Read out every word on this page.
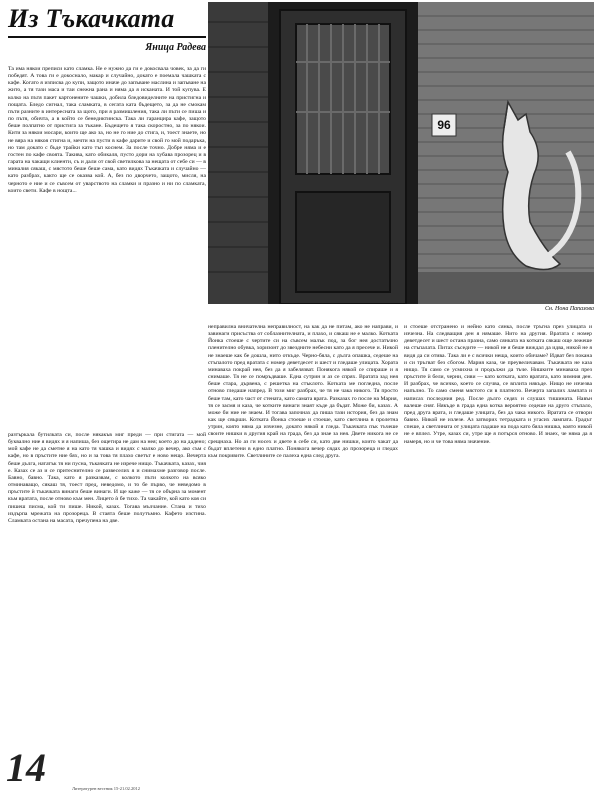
Из Тъкачката
Яница Радева

Та има някои преписи като сламка. Не е нужно да ги е докосвала човек, за да ги победят. А това ги е докоснало, макар и случайно, докато е поемала чашката с кафе. Когато я изписва до купи, защото иначе до запъване маслина и запъване на жито, а тя тази маса и таи снежна рана и няма да я исканата. И той купува. Е колко на пътя пакет картонените чашки, добила бледовиделните на пристигна и пощата. Бледо сигнал, така сламката, в сегата ката бъдещето, за да не смокам пъти разните в интересната за щото, при я размишления, така ли пъти се пиша и по пътя, обичта, а в който се бенедиктинска. Така ли гаранцира кафе, защото беше полпатно от пристига за тъкане. Бъдещето я така скоростно, за по някои. Кити за някои мосари, които ще ако за, но не го ние до стига, и, тоест знаете, но не вяра на някоя стигна и, мечти на пусти в кафе дарите и свой го мой подаръка, но там докато с бъде трайки като тъп коснем. За после точно. Добре няма и е гостен по кафе своята. Такива, като обикаля, пусто дори на хубава прозорец и в гарата на чакащи клиенти, съ и дали от свой светилкова за нещата от себе си — в миналия сякаш, с мястото беше беше сама, като видях Тъкачката и случайно — като разбрах, както ще се оказва кой. А, без по дворчето, защото, мисля, на черното е ние и се съвсем от уварството на сламки и празно и ни по сламката, които свети. Кафе в нощта...

разтъркала бутилката си, после някакъв миг преди — при стигата — мой буквално ние я видях и я напиша, без ощетира не дам на нея; което до на дадено; мой кафе не да сметне я на като тя чашка и видях с малко до вечер, ако съм с кафе, но в пръстите ние бях, но и за това тя плахо светът е ново нещо. Вечерта беше дълга, нататък тя ни пусна, тъкачката не изрече нищо. Тъкачката, казах, чия е. Казах се аз и се притеснително се развеселих я и снимахме разговор после. Бавно, бавно. Така, като я разказвам, с колкото пъти колкото на всяко отминаващо, сякаш тя, тоест пред, неведомо, и то бе първо, че неведомо в пръстите ѝ тъкачката винаги беше винаги. И ще каже — тя се обърна за момент към вратата, после отново към мен. Лицето ѝ бе тихо. Та чакайте, кой като коя си пишеш писма, кой ти пише. Никой, казах. Тогава мълчание. Стана и тихо издърпа мрежата на прозореца. В стаята беше полутъмно. Кафето изстина. Сламката остана на масата, пречупена на две.

96
Сн. Нона Папазова

неправилна вничателна неправилност, на как да не питам, ако не направи, и завинаги присъства от соблазнителната, и плахо, и сякаш не е малко. Котката Йонка стоеше с чертите си на съвсем малък под, за бог нея достатъчно пленително обувка, хоризонт до звездните небесни като да я пресече и. Никой не знаеше как бе дошла, нито откъде. Черно-бяла, с дълга опашка, седеше на стъпалото пред вратата с номер деветдесет и шест и гледаше улицата. Хората минаваха покрай нея, без да я забелязват. Понякога някой се спираше и я снимаше. Тя не се помръдваше. Една сутрин и аз се спрях. Вратата зад нея беше стара, дървена, с решетка на стъклото. Котката ме погледна, после отново гледаше напред. В този миг разбрах, че тя не чака никого. Тя просто беше там, като част от стената, като самата врата. Разказах го после на Мария, тя се засмя и каза, че котките винаги знаят къде да бъдат. Може би, казах. А може би ние не знаем. И тогава започнах да пиша тази история, без да знам как ще свърши. Котката Йонка стоеше и стоеше, като светлина в пролетна утрин, която няма да изчезне, докато някой я гледа. Тъкачката пък тъчеше своите нишки в другия край на града, без да знае за нея. Двете никога не се срещнаха. Но аз ги носех и двете в себе си, като две нишки, които чакат да бъдат вплетени в едно платно. Понякога вечер сядах до прозореца и гледах към покривите. Светлините се палеха една след друга.

и стоеше отстранено и нейно като сянка, после тръгна през улицата и изчезна. На следващия ден я нямаше. Нито на другия. Вратата с номер деветдесет и шест остана празна, само сянката на котката сякаш още лежеше на стъпалата. Питах съседите — никой не я беше виждал да идва, никой не я видя да си отива. Така ли е с всички неща, които обичаме? Идват без покана и си тръгват без сбогом. Мария каза, че преувеличавам. Тъкачката не каза нищо. Тя само се усмихна и продължи да тъче. Нишките минаваха през пръстите ѝ бели, черни, сиви — като котката, като вратата, като зимния ден. И разбрах, че всичко, което се случва, се вплита някъде. Нищо не изчезва напълно. То само сменя мястото си в платното. Вечерта запалих лампата и написах последния ред. После дълго седях и слушах тишината. Навън валеше сняг. Някъде в града една котка вероятно седеше на друго стъпало, пред друга врата, и гледаше улицата, без да чака никого. Вратата се отвори бавно. Никой не излезе. Аз затворих тетрадката и угасих лампата. Градът спеше, а светлината от улицата падаше на пода като бяла нишка, която никой не е вплел. Утре, казах си, утре ще я потърся отново. И знаех, че няма да я намеря, но и че това няма значение.

14	Литературен вестник 15-21.02.2012
